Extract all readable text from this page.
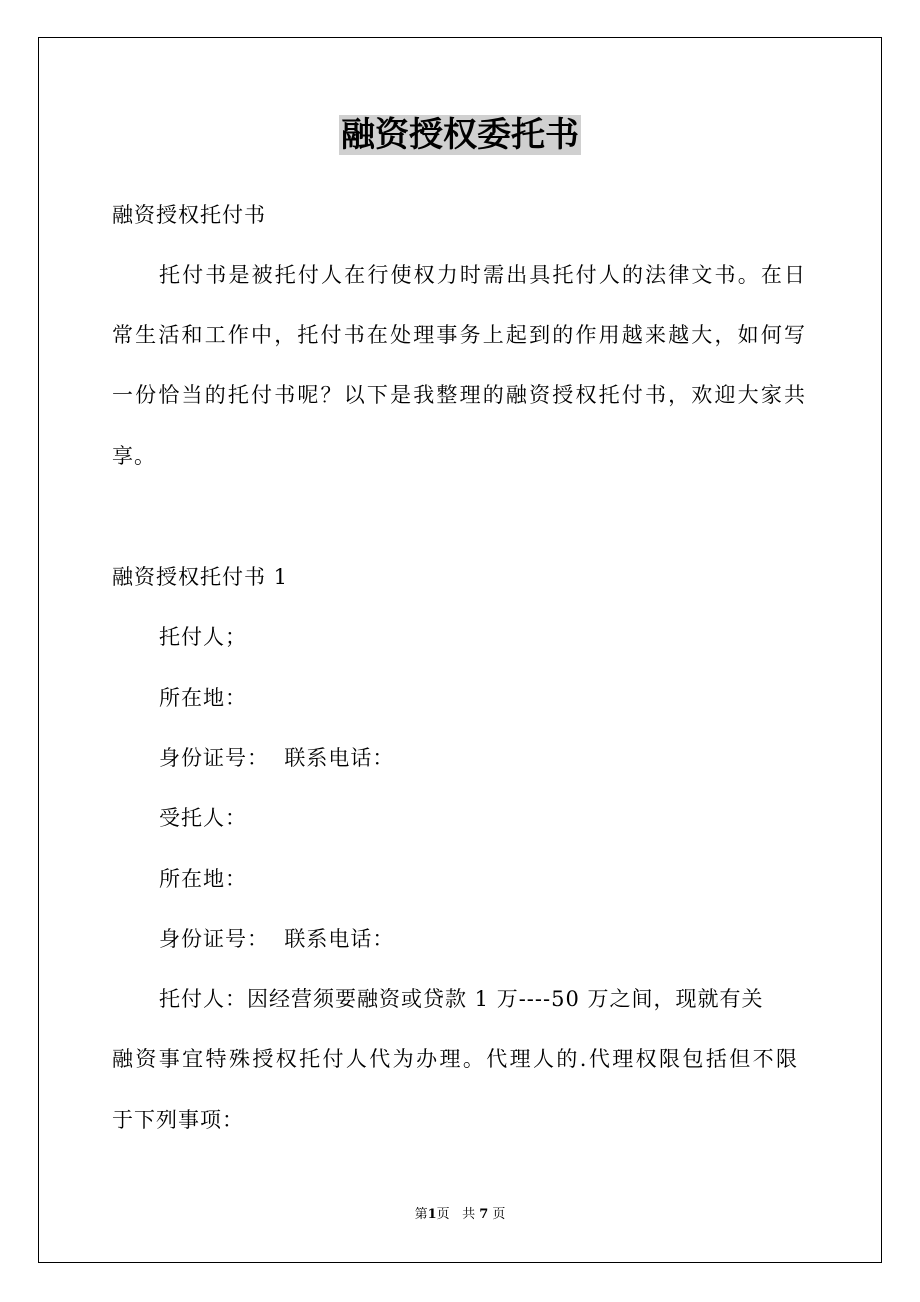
融资授权委托书
融资授权托付书
托付书是被托付人在行使权力时需出具托付人的法律文书。在日
常生活和工作中，托付书在处理事务上起到的作用越来越大，如何写
一份恰当的托付书呢？以下是我整理的融资授权托付书，欢迎大家共
享。
融资授权托付书 1
托付人；
所在地：
身份证号：  联系电话：
受托人：
所在地：
身份证号：  联系电话：
托付人：因经营须要融资或贷款 1 万----50 万之间，现就有关
融资事宜特殊授权托付人代为办理。代理人的.代理权限包括但不限
于下列事项：
第1页 共 7 页
